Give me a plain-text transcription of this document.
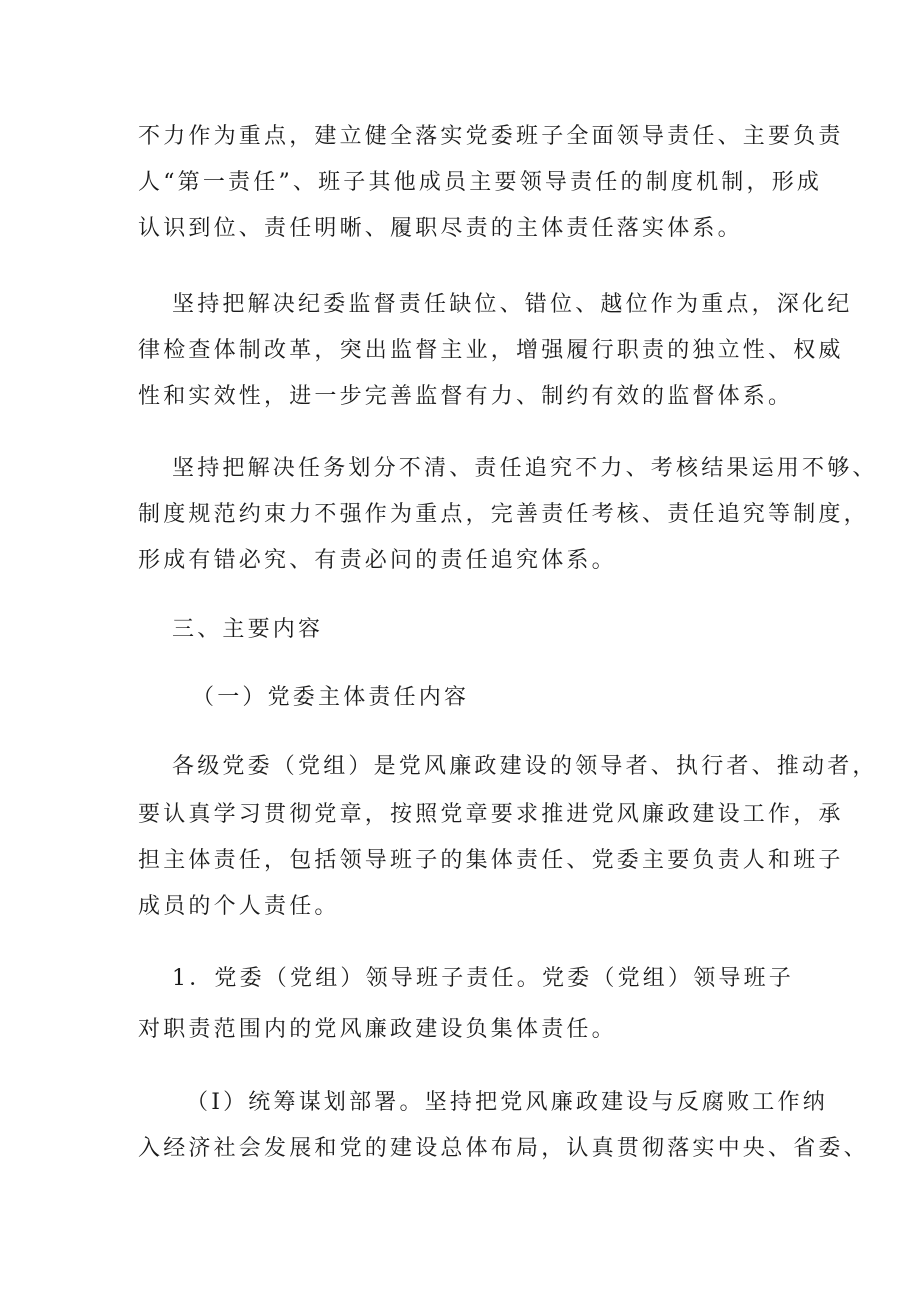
不力作为重点，建立健全落实党委班子全面领导责任、主要负责
人“第一责任”、班子其他成员主要领导责任的制度机制，形成
认识到位、责任明晰、履职尽责的主体责任落实体系。
坚持把解决纪委监督责任缺位、错位、越位作为重点，深化纪
律检查体制改革，突出监督主业，增强履行职责的独立性、权威
性和实效性，进一步完善监督有力、制约有效的监督体系。
坚持把解决任务划分不清、责任追究不力、考核结果运用不够、
制度规范约束力不强作为重点，完善责任考核、责任追究等制度，
形成有错必究、有责必问的责任追究体系。
三、主要内容
（一）党委主体责任内容
各级党委（党组）是党风廉政建设的领导者、执行者、推动者，
要认真学习贯彻党章，按照党章要求推进党风廉政建设工作，承
担主体责任，包括领导班子的集体责任、党委主要负责人和班子
成员的个人责任。
1．党委（党组）领导班子责任。党委（党组）领导班子
对职责范围内的党风廉政建设负集体责任。
（I）统筹谋划部署。坚持把党风廉政建设与反腐败工作纳
入经济社会发展和党的建设总体布局，认真贯彻落实中央、省委、
